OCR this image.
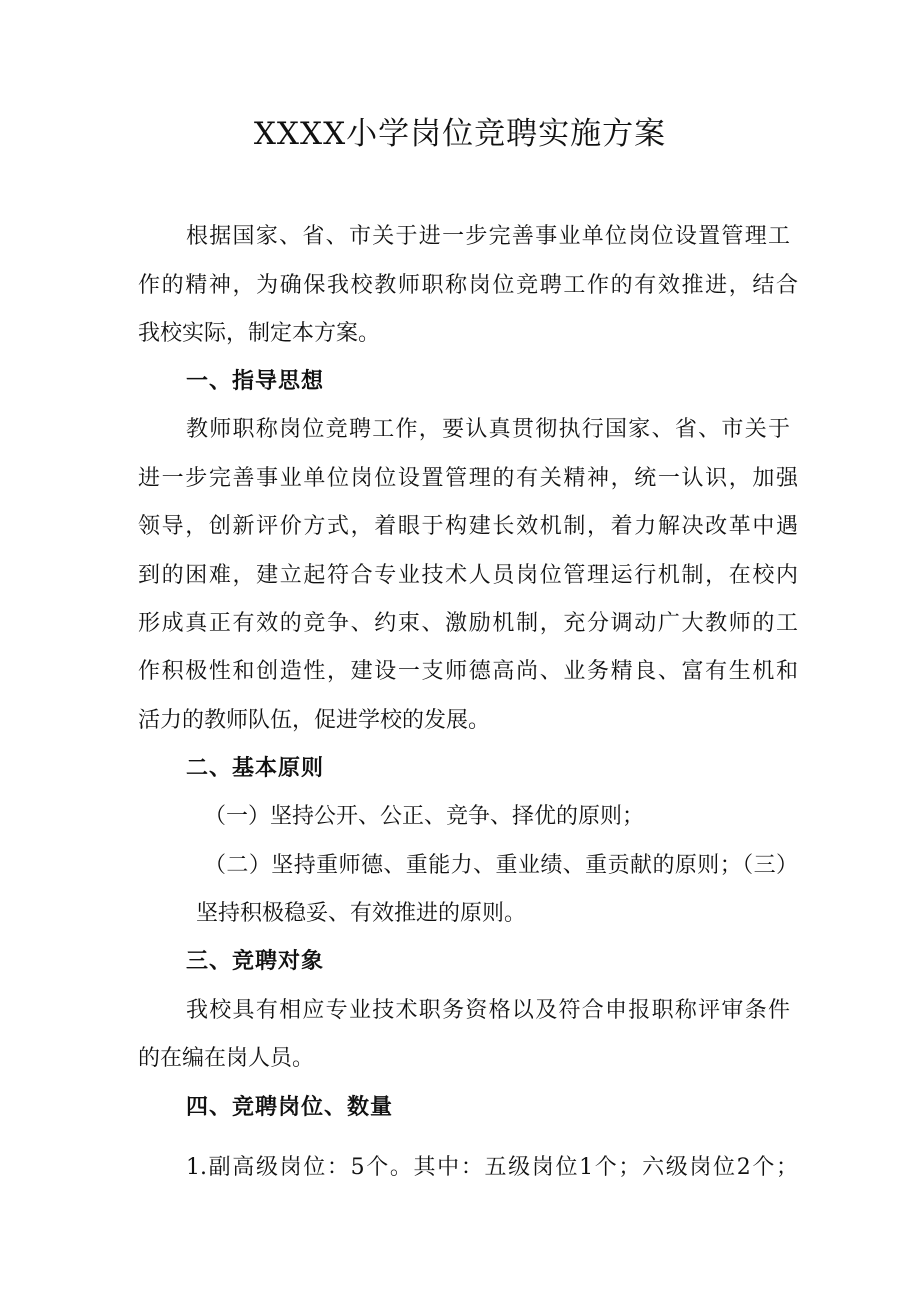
XXXX小学岗位竞聘实施方案
根据国家、省、市关于进一步完善事业单位岗位设置管理工
作的精神，为确保我校教师职称岗位竞聘工作的有效推进，结合
我校实际，制定本方案。
一、指导思想
教师职称岗位竞聘工作，要认真贯彻执行国家、省、市关于
进一步完善事业单位岗位设置管理的有关精神，统一认识，加强
领导，创新评价方式，着眼于构建长效机制，着力解决改革中遇
到的困难，建立起符合专业技术人员岗位管理运行机制，在校内
形成真正有效的竞争、约束、激励机制，充分调动广大教师的工
作积极性和创造性，建设一支师德高尚、业务精良、富有生机和
活力的教师队伍，促进学校的发展。
二、基本原则
（一）坚持公开、公正、竞争、择优的原则；
（二）坚持重师德、重能力、重业绩、重贡献的原则；（三）
坚持积极稳妥、有效推进的原则。
三、竞聘对象
我校具有相应专业技术职务资格以及符合申报职称评审条件
的在编在岗人员。
四、竞聘岗位、数量
1.副高级岗位：5个。其中：五级岗位1个；六级岗位2个；
